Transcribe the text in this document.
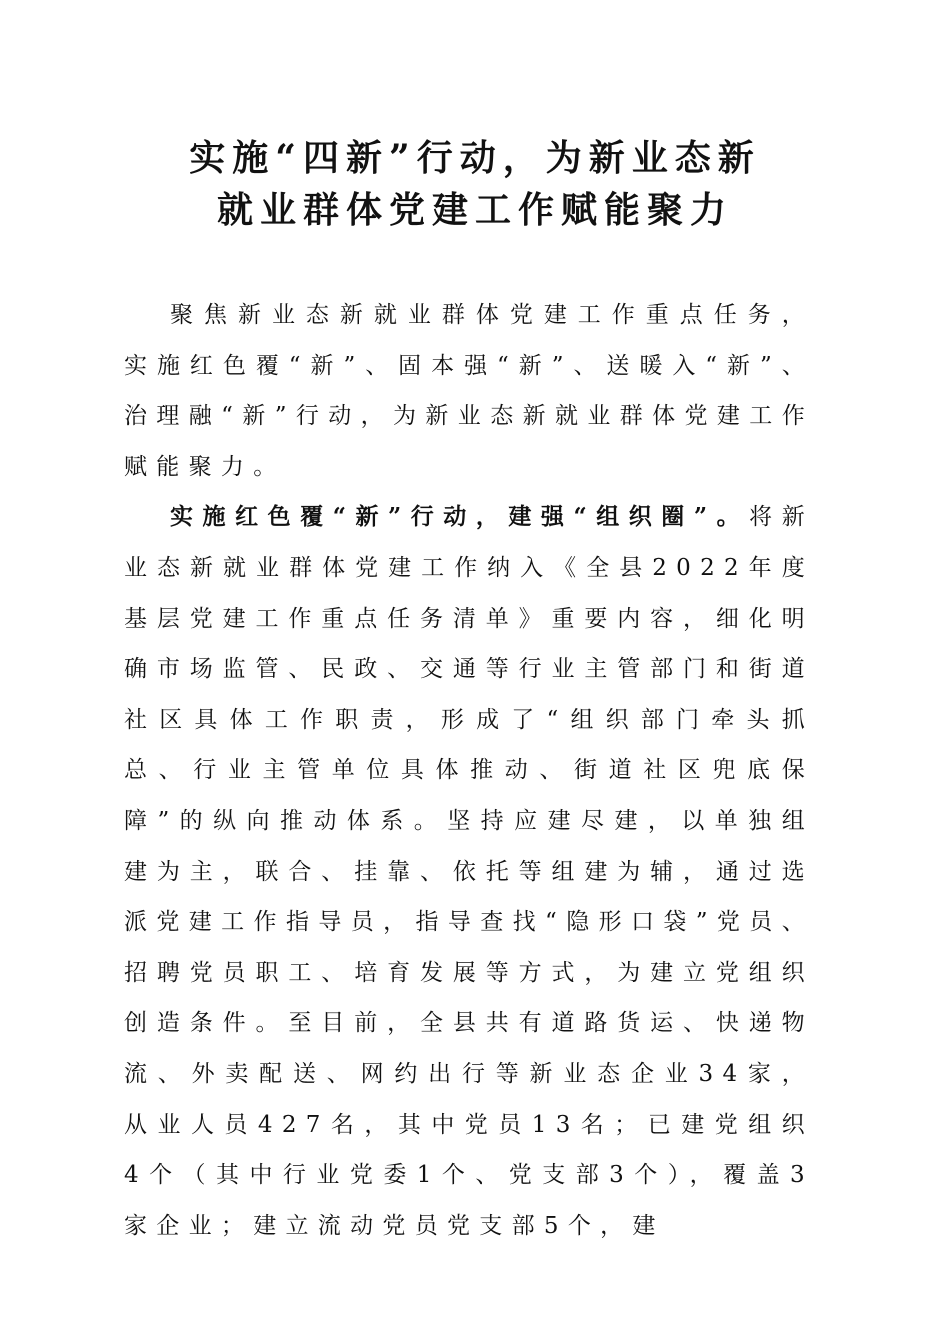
实施“四新”行动，为新业态新
就业群体党建工作赋能聚力

聚焦新业态新就业群体党建工作重点任务，实施红色覆“新”、固本强“新”、送暖入“新”、治理融“新”行动，为新业态新就业群体党建工作赋能聚力。

实施红色覆“新”行动，建强“组织圈”。将新业态新就业群体党建工作纳入《全县2022年度基层党建工作重点任务清单》重要内容，细化明确市场监管、民政、交通等行业主管部门和街道社区具体工作职责，形成了“组织部门牵头抓总、行业主管单位具体推动、街道社区兜底保障”的纵向推动体系。坚持应建尽建，以单独组建为主，联合、挂靠、依托等组建为辅，通过选派党建工作指导员，指导查找“隐形口袋”党员、招聘党员职工、培育发展等方式，为建立党组织创造条件。至目前，全县共有道路货运、快递物流、外卖配送、网约出行等新业态企业34家，从业人员427名，其中党员13名；已建党组织4个（其中行业党委1个、党支部3个），覆盖3家企业；建立流动党员党支部5个，建
